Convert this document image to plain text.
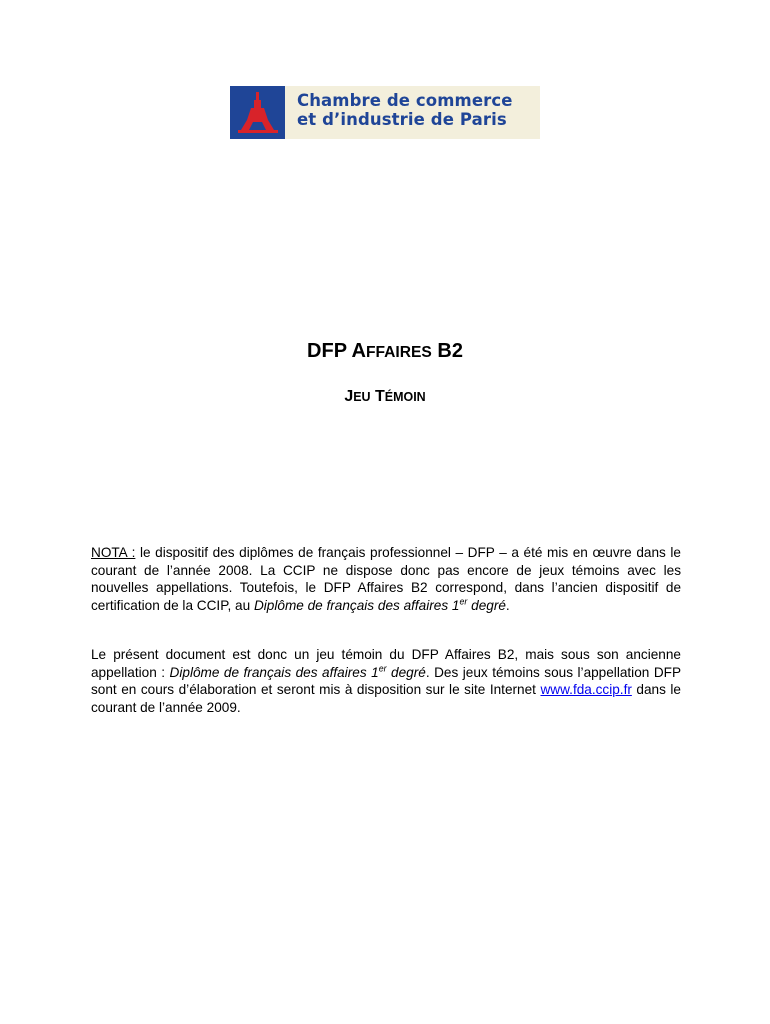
Chambre de commerce
et d’industrie de Paris
DFP AFFAIRES B2
JEU TÉMOIN
NOTA : le dispositif des diplômes de français professionnel – DFP – a été mis en œuvre dans le courant de l’année 2008. La CCIP ne dispose donc pas encore de jeux témoins avec les nouvelles appellations. Toutefois, le DFP Affaires B2 correspond, dans l’ancien dispositif de certification de la CCIP, au Diplôme de français des affaires 1er degré.
Le présent document est donc un jeu témoin du DFP Affaires B2, mais sous son ancienne appellation : Diplôme de français des affaires 1er degré. Des jeux témoins sous l’appellation DFP sont en cours d’élaboration et seront mis à disposition sur le site Internet www.fda.ccip.fr dans le courant de l’année 2009.
